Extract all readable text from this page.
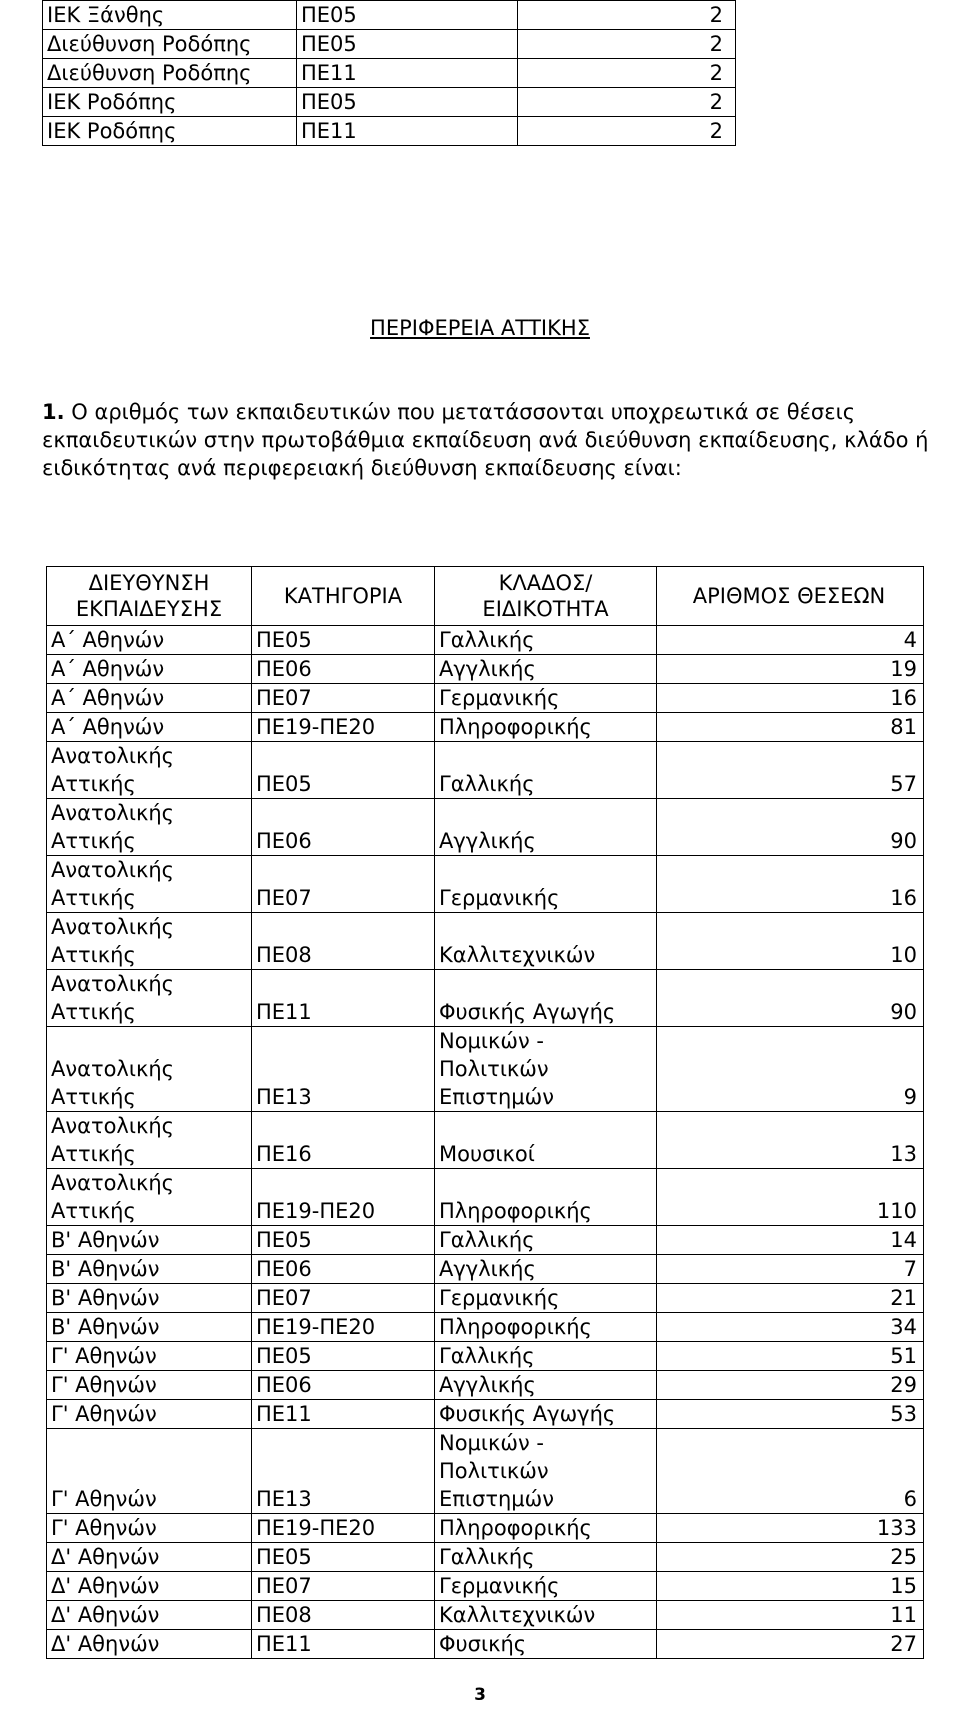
ΙΕΚ Ξάνθης	ΠΕ05	2
Διεύθυνση Ροδόπης	ΠΕ05	2
Διεύθυνση Ροδόπης	ΠΕ11	2
ΙΕΚ Ροδόπης	ΠΕ05	2
ΙΕΚ Ροδόπης	ΠΕ11	2
ΠΕΡΙΦΕΡΕΙΑ ΑΤΤΙΚΗΣ
1. Ο αριθμός των εκπαιδευτικών που μετατάσσονται υποχρεωτικά σε θέσεις εκπαιδευτικών στην πρωτοβάθμια εκπαίδευση ανά διεύθυνση εκπαίδευσης, κλάδο ή ειδικότητας ανά περιφερειακή διεύθυνση εκπαίδευσης είναι:
ΔΙΕΥΘΥΝΣΗ ΕΚΠΑΙΔΕΥΣΗΣ	ΚΑΤΗΓΟΡΙΑ	ΚΛΑΔΟΣ/ ΕΙΔΙΚΟΤΗΤΑ	ΑΡΙΘΜΟΣ ΘΕΣΕΩΝ
Α΄ Αθηνών	ΠΕ05	Γαλλικής	4
Α΄ Αθηνών	ΠΕ06	Αγγλικής	19
Α΄ Αθηνών	ΠΕ07	Γερμανικής	16
Α΄ Αθηνών	ΠΕ19-ΠΕ20	Πληροφορικής	81
Ανατολικής Αττικής	ΠΕ05	Γαλλικής	57
Ανατολικής Αττικής	ΠΕ06	Αγγλικής	90
Ανατολικής Αττικής	ΠΕ07	Γερμανικής	16
Ανατολικής Αττικής	ΠΕ08	Καλλιτεχνικών	10
Ανατολικής Αττικής	ΠΕ11	Φυσικής Αγωγής	90
Ανατολικής Αττικής	ΠΕ13	Νομικών - Πολιτικών Επιστημών	9
Ανατολικής Αττικής	ΠΕ16	Μουσικοί	13
Ανατολικής Αττικής	ΠΕ19-ΠΕ20	Πληροφορικής	110
Β' Αθηνών	ΠΕ05	Γαλλικής	14
Β' Αθηνών	ΠΕ06	Αγγλικής	7
Β' Αθηνών	ΠΕ07	Γερμανικής	21
Β' Αθηνών	ΠΕ19-ΠΕ20	Πληροφορικής	34
Γ' Αθηνών	ΠΕ05	Γαλλικής	51
Γ' Αθηνών	ΠΕ06	Αγγλικής	29
Γ' Αθηνών	ΠΕ11	Φυσικής Αγωγής	53
Γ' Αθηνών	ΠΕ13	Νομικών - Πολιτικών Επιστημών	6
Γ' Αθηνών	ΠΕ19-ΠΕ20	Πληροφορικής	133
Δ' Αθηνών	ΠΕ05	Γαλλικής	25
Δ' Αθηνών	ΠΕ07	Γερμανικής	15
Δ' Αθηνών	ΠΕ08	Καλλιτεχνικών	11
Δ' Αθηνών	ΠΕ11	Φυσικής	27
3
